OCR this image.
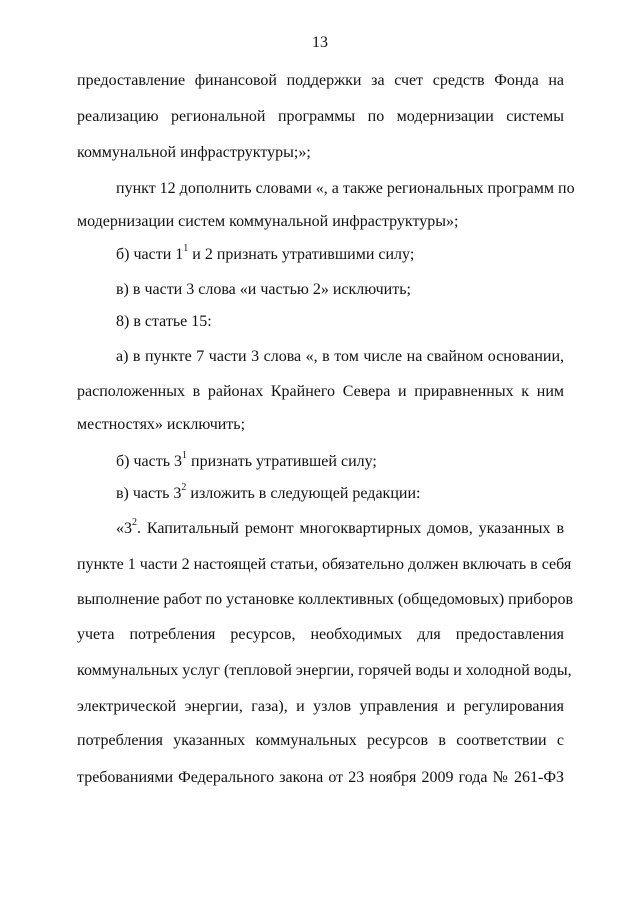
13
предоставление финансовой поддержки за счет средств Фонда на
реализацию региональной программы по модернизации системы
коммунальной инфраструктуры;»;
пункт 12 дополнить словами «, а также региональных программ по
модернизации систем коммунальной инфраструктуры»;
б) части $1^1$ и 2 признать утратившими силу;
в) в части 3 слова «и частью 2» исключить;
8) в статье 15:
а) в пункте 7 части 3 слова «, в том числе на свайном основании,
расположенных в районах Крайнего Севера и приравненных к ним
местностях» исключить;
б) часть $3^1$ признать утратившей силу;
в) часть $3^2$ изложить в следующей редакции:
«$3^2$ . Капитальный ремонт многоквартирных домов, указанных в
пункте 1 части 2 настоящей статьи, обязательно должен включать в себя
выполнение работ по установке коллективных (общедомовых) приборов
учета потребления ресурсов, необходимых для предоставления
коммунальных услуг (тепловой энергии, горячей воды и холодной воды,
электрической энергии, газа), и узлов управления и регулирования
потребления указанных коммунальных ресурсов в соответствии с
требованиями Федерального закона от 23 ноября 2009 года № 261-ФЗ
